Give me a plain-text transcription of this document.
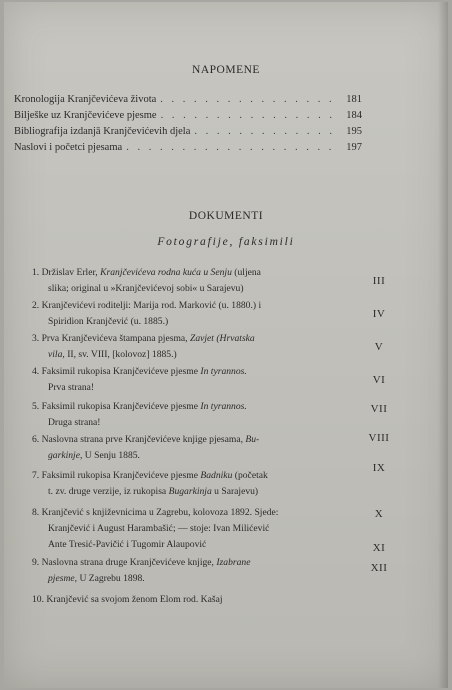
NAPOMENE
Kronologija Kranjčevićeva života . . .	181
Bilješke uz Kranjčevićeve pjesme . . .	184
Bibliografija izdanjā Kranjčevićevih djela . . .	195
Naslovi i početci pjesama . . .	197
DOKUMENTI
Fotografije, faksimili
1. Držislav Erler, Kranjčevićeva rodna kuća u Senju (uljena
slika; original u »Kranjčevićevoj sobi« u Sarajevu)
III
2. Kranjčevićevi roditelji: Marija rod. Marković (u. 1880.) i
Spiridion Kranjčević (u. 1885.)
IV
3. Prva Kranjčevićeva štampana pjesma, Zavjet (Hrvatska
vila, II, sv. VIII, [kolovoz] 1885.)
V
4. Faksimil rukopisa Kranjčevićeve pjesme In tyrannos.
Prva strana!
VI
5. Faksimil rukopisa Kranjčevićeve pjesme In tyrannos.
Druga strana!
VII
6. Naslovna strana prve Kranjčevićeve knjige pjesama, Bu-
garkinje, U Senju 1885.
VIII
7. Faksimil rukopisa Kranjčevićeve pjesme Badniku (početak
t. zv. druge verzije, iz rukopisa Bugarkinja u Sarajevu)
IX
8. Kranjčević s književnicima u Zagrebu, kolovoza 1892. Sjede:
Kranjčević i August Harambašić; — stoje: Ivan Milićević
Ante Tresić-Pavičić i Tugomir Alaupović
X
9. Naslovna strana druge Kranjčevićeve knjige, Izabrane
pjesme, U Zagrebu 1898.
XI
10. Kranjčević sa svojom ženom Elom rod. Kašaj
XII
